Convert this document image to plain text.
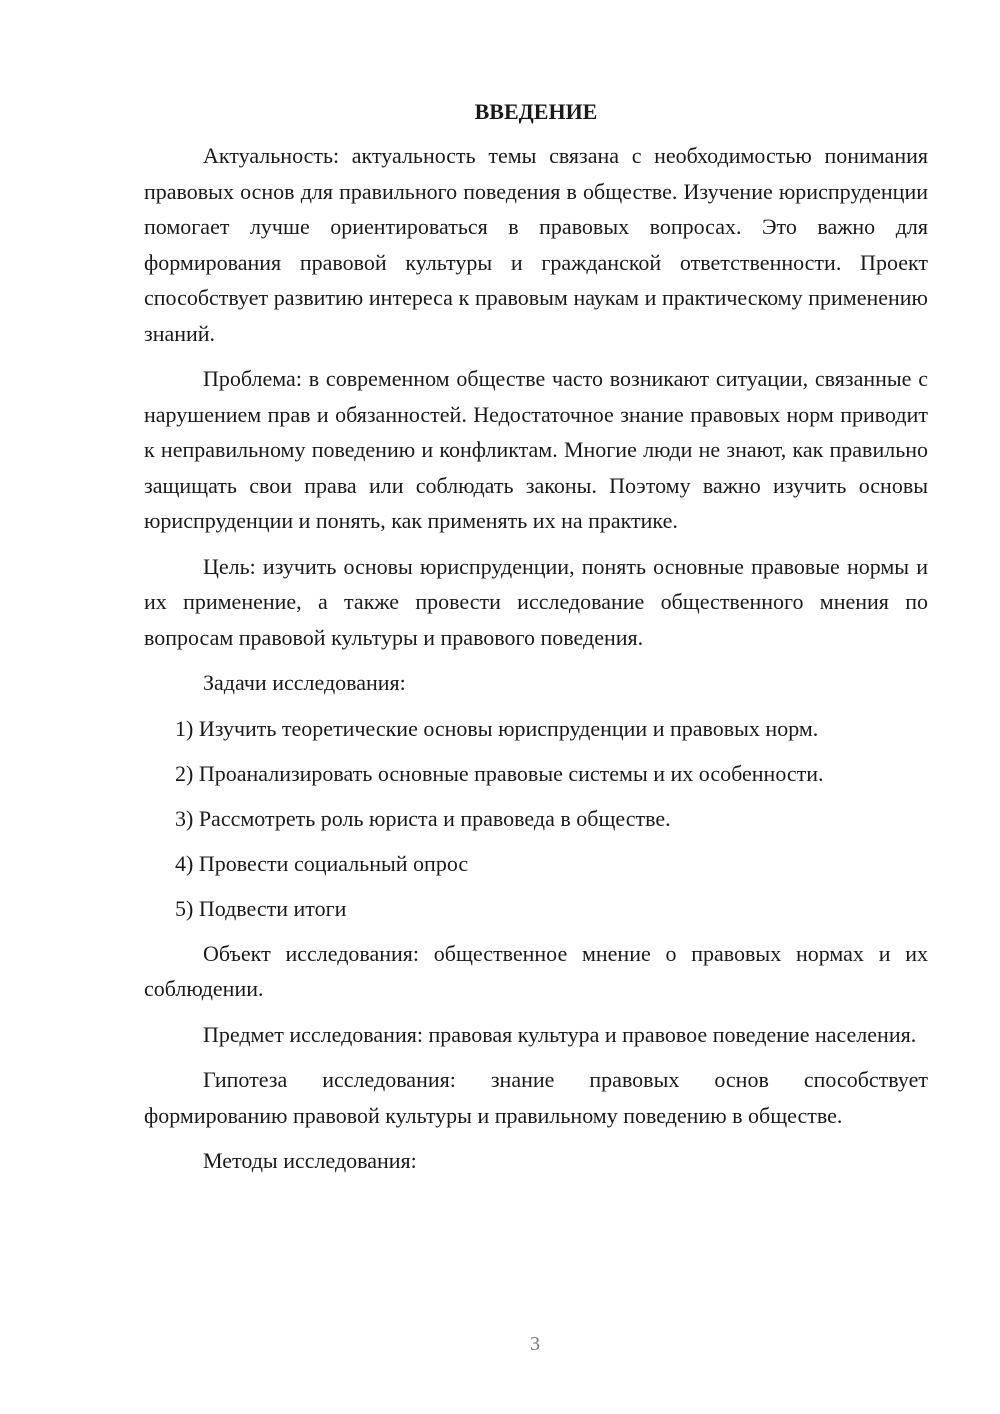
ВВЕДЕНИЕ

Актуальность: актуальность темы связана с необходимостью понимания правовых основ для правильного поведения в обществе. Изучение юриспруденции помогает лучше ориентироваться в правовых вопросах. Это важно для формирования правовой культуры и гражданской ответственности. Проект способствует развитию интереса к правовым наукам и практическому применению знаний.

Проблема: в современном обществе часто возникают ситуации, связанные с нарушением прав и обязанностей. Недостаточное знание правовых норм приводит к неправильному поведению и конфликтам. Многие люди не знают, как правильно защищать свои права или соблюдать законы. Поэтому важно изучить основы юриспруденции и понять, как применять их на практике.

Цель: изучить основы юриспруденции, понять основные правовые нормы и их применение, а также провести исследование общественного мнения по вопросам правовой культуры и правового поведения.

Задачи исследования:

1) Изучить теоретические основы юриспруденции и правовых норм.
2) Проанализировать основные правовые системы и их особенности.
3) Рассмотреть роль юриста и правоведа в обществе.
4) Провести социальный опрос
5) Подвести итоги

Объект исследования: общественное мнение о правовых нормах и их соблюдении.

Предмет исследования: правовая культура и правовое поведение населения.

Гипотеза исследования: знание правовых основ способствует формированию правовой культуры и правильному поведению в обществе.

Методы исследования:

3
